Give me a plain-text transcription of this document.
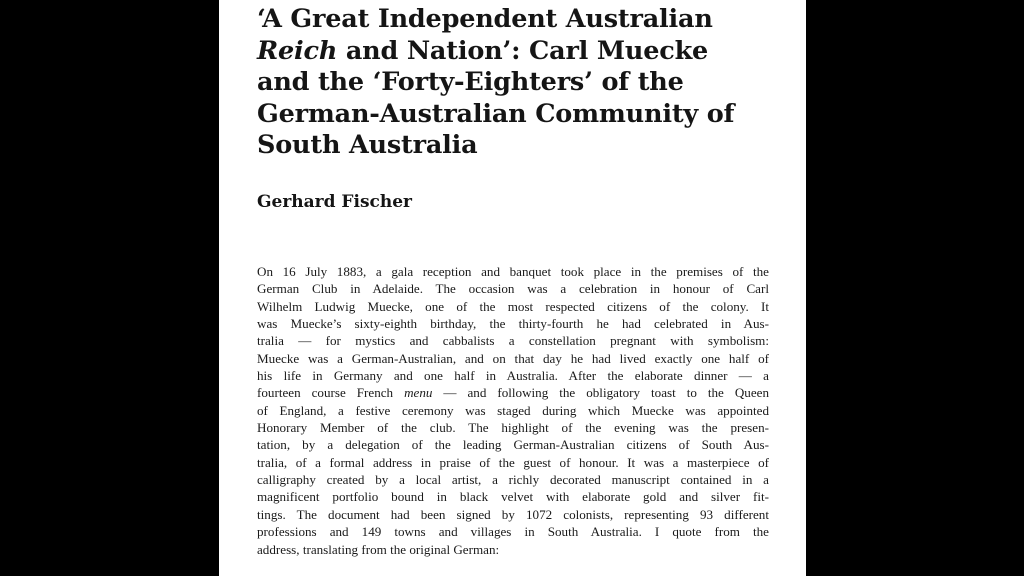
‘A Great Independent Australian
Reich and Nation’: Carl Muecke
and the ‘Forty-Eighters’ of the
German-Australian Community of
South Australia
Gerhard Fischer
On 16 July 1883, a gala reception and banquet took place in the premises of the
German Club in Adelaide. The occasion was a celebration in honour of Carl
Wilhelm Ludwig Muecke, one of the most respected citizens of the colony. It
was Muecke’s sixty-eighth birthday, the thirty-fourth he had celebrated in Aus-
tralia — for mystics and cabbalists a constellation pregnant with symbolism:
Muecke was a German-Australian, and on that day he had lived exactly one half of
his life in Germany and one half in Australia. After the elaborate dinner — a
fourteen course French menu — and following the obligatory toast to the Queen
of England, a festive ceremony was staged during which Muecke was appointed
Honorary Member of the club. The highlight of the evening was the presen-
tation, by a delegation of the leading German-Australian citizens of South Aus-
tralia, of a formal address in praise of the guest of honour. It was a masterpiece of
calligraphy created by a local artist, a richly decorated manuscript contained in a
magnificent portfolio bound in black velvet with elaborate gold and silver fit-
tings. The document had been signed by 1072 colonists, representing 93 different
professions and 149 towns and villages in South Australia. I quote from the
address, translating from the original German:
